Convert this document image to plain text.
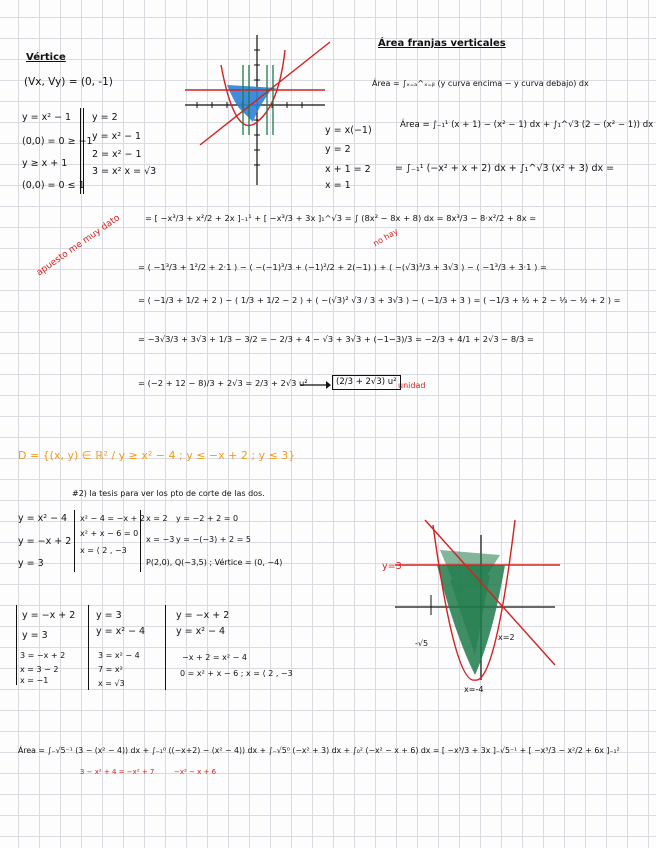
Vértice
(Vx, Vy) = (0, -1)
y = x² − 1
(0,0) = 0 ≥ −1
y ≥ x + 1
(0,0) = 0 ≤ 1
y = 2
y = x² − 1
2 = x² − 1
3 = x² x = √3
y = x(−1)
y = 2
x + 1 = 2
x = 1
Área franjas verticales
Área = ∫ₓ₌ₐ^ₓ₌ᵦ (y curva encima − y curva debajo) dx
Área = ∫₋₁¹ (x + 1) − (x² − 1) dx + ∫₁^√3 (2 − (x² − 1)) dx
= ∫₋₁¹ (−x² + x + 2) dx + ∫₁^√3 (x² + 3) dx =
= [ −x³/3 + x²/2 + 2x ]₋₁¹ + [ −x³/3 + 3x ]₁^√3 = ∫ (8x² − 8x + 8) dx = 8x³/3 − 8·x²/2 + 8x =
= ( −1³/3 + 1²/2 + 2·1 ) − ( −(−1)³/3 + (−1)²/2 + 2(−1) ) + ( −(√3)³/3 + 3√3 ) − ( −1³/3 + 3·1 ) =
= ( −1/3 + 1/2 + 2 ) − ( 1/3 + 1/2 − 2 ) + ( −(√3)² √3 / 3 + 3√3 ) − ( −1/3 + 3 ) = ( −1/3 + ½ + 2 − ⅓ − ½ + 2 ) =
= −3√3/3 + 3√3 + 1/3 − 3/2 = − 2/3 + 4 − √3 + 3√3 + (−1−3)/3 = −2/3 + 4/1 + 2√3 − 8/3 =
= (−2 + 12 − 8)/3 + 2√3 = 2/3 + 2√3 u²	(2/3 + 2√3) u² unidad
no hay
apuesto me muy dato
D = {(x, y) ∈ ℝ² / y ≥ x² − 4 ; y ≤ −x + 2 ; y ≤ 3}
#2) la tesis para ver los pto de corte de las dos.
y = x² − 4
y = −x + 2
y = 3
x² − 4 = −x + 2
x² + x − 6 = 0
x = ⟨ 2 , −3
x = 2
x = −3
y = −2 + 2 = 0
y = −(−3) + 2 = 5
P(2,0), Q(−3,5) ; Vértice = (0, −4)
y = −x + 2
y = 3
3 = −x + 2
x = 3 − 2
x = −1
y = 3
y = x² − 4
3 = x² − 4
7 = x²
x = √3
y = −x + 2
y = x² − 4
−x + 2 = x² − 4
0 = x² + x − 6 ; x = ⟨ 2 , −3
y=3
-√5
x=2
x=-4
Área = ∫₋√5⁻¹ (3 − (x² − 4)) dx + ∫₋₁⁰ ((−x+2) − (x² − 4)) dx + ∫₋√5⁰ (−x² + 3) dx + ∫₀² (−x² − x + 6) dx = [ −x³/3 + 3x ]₋√5⁻¹ + [ −x³/3 − x²/2 + 6x ]₋₁²
3 − x² + 4 = −x² + 7	−x² − x + 6
